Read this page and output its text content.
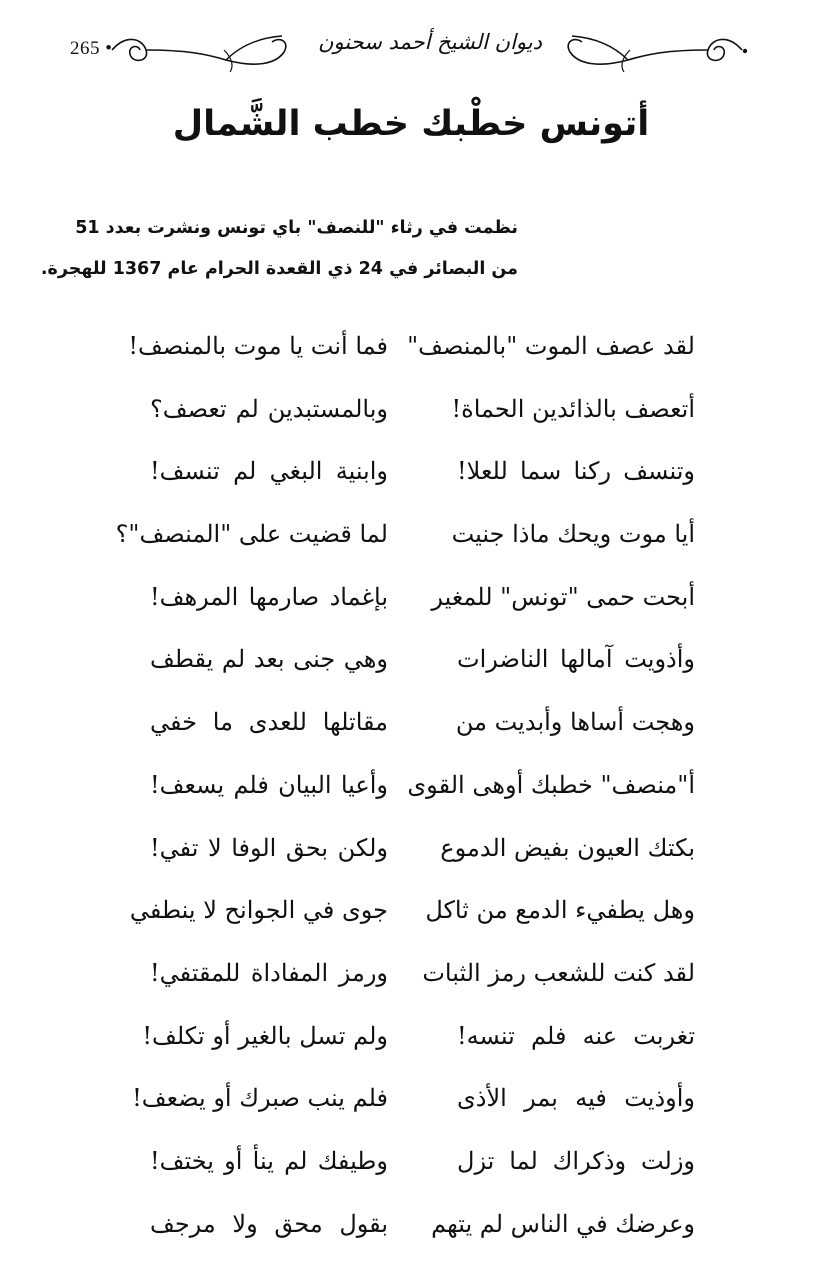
265 •	ديوان الشيخ أحمد سحنون
أتونس خطْبك خطب الشَّمال
نظمت في رثاء "للنصف" باي تونس ونشرت بعدد 51
من البصائر في 24 ذي القعدة الحرام عام 1367 للهجرة.
لقد عصف الموت "بالمنصف"
فما أنت يا موت بالمنصف!
أتعصف بالذائدين الحماة!
وبالمستبدين لم تعصف؟
وتنسف ركنا سما للعلا!
وابنية البغي لم تنسف!
أيا موت ويحك ماذا جنيت
لما قضيت على "المنصف"؟
أبحت حمى "تونس" للمغير
بإغماد صارمها المرهف!
وأذويت آمالها الناضرات
وهي جنى بعد لم يقطف
وهجت أساها وأبديت من
مقاتلها للعدى ما خفي
أ"منصف" خطبك أوهى القوى
وأعيا البيان فلم يسعف!
بكتك العيون بفيض الدموع
ولكن بحق الوفا لا تفي!
وهل يطفيء الدمع من ثاكل
جوى في الجوانح لا ينطفي
لقد كنت للشعب رمز الثبات
ورمز المفاداة للمقتفي!
تغربت عنه فلم تنسه!
ولم تسل بالغير أو تكلف!
وأوذيت فيه بمر الأذى
فلم ينب صبرك أو يضعف!
وزلت وذكراك لما تزل
وطيفك لم ينأ أو يختف!
وعرضك في الناس لم يتهم
بقول محق ولا مرجف
